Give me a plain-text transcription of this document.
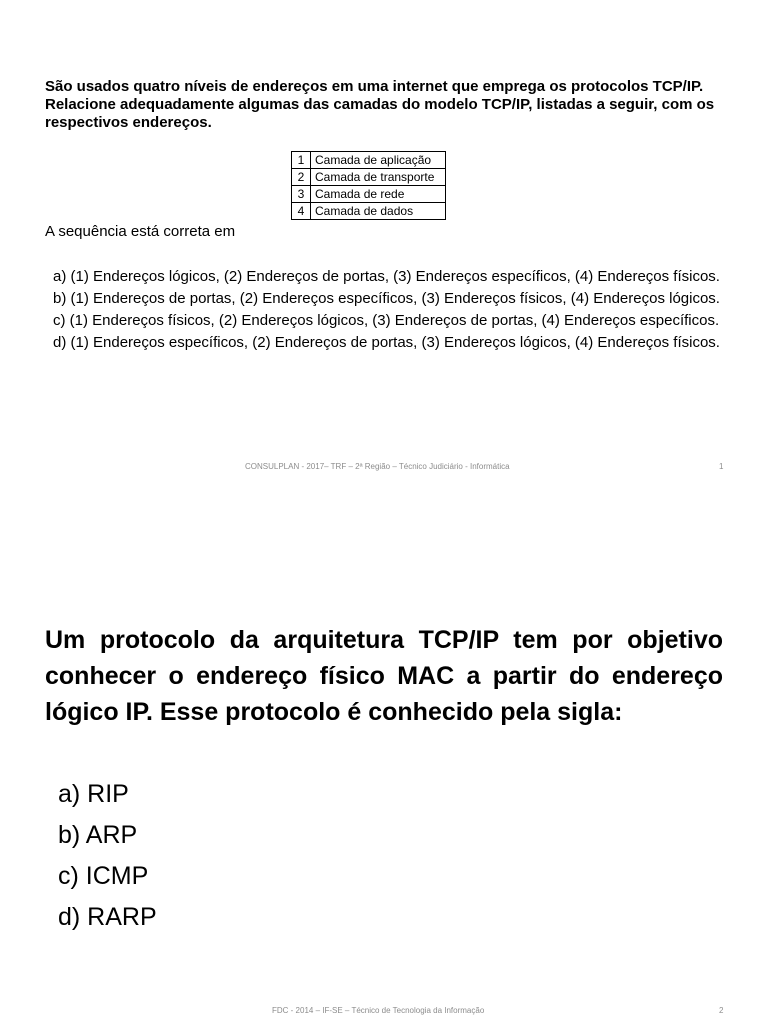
São usados quatro níveis de endereços em uma internet que emprega os protocolos TCP/IP. Relacione adequadamente algumas das camadas do modelo TCP/IP, listadas a seguir, com os respectivos endereços.
1	Camada de aplicação
2	Camada de transporte
3	Camada de rede
4	Camada de dados
A sequência está correta em

a) (1) Endereços lógicos, (2) Endereços de portas, (3) Endereços específicos, (4) Endereços físicos.

b) (1) Endereços de portas, (2) Endereços específicos, (3) Endereços físicos, (4) Endereços lógicos.

c) (1) Endereços físicos, (2) Endereços lógicos, (3) Endereços de portas, (4) Endereços específicos.

d) (1) Endereços específicos, (2) Endereços de portas, (3) Endereços lógicos, (4) Endereços físicos.

CONSULPLAN - 2017– TRF – 2ª Região – Técnico Judiciário - Informática	1
Um protocolo da arquitetura TCP/IP tem por objetivo conhecer o endereço físico MAC a partir do endereço lógico IP. Esse protocolo é conhecido pela sigla:

a) RIP

b) ARP

c) ICMP

d) RARP

FDC - 2014 – IF-SE – Técnico de Tecnologia da Informação	2
